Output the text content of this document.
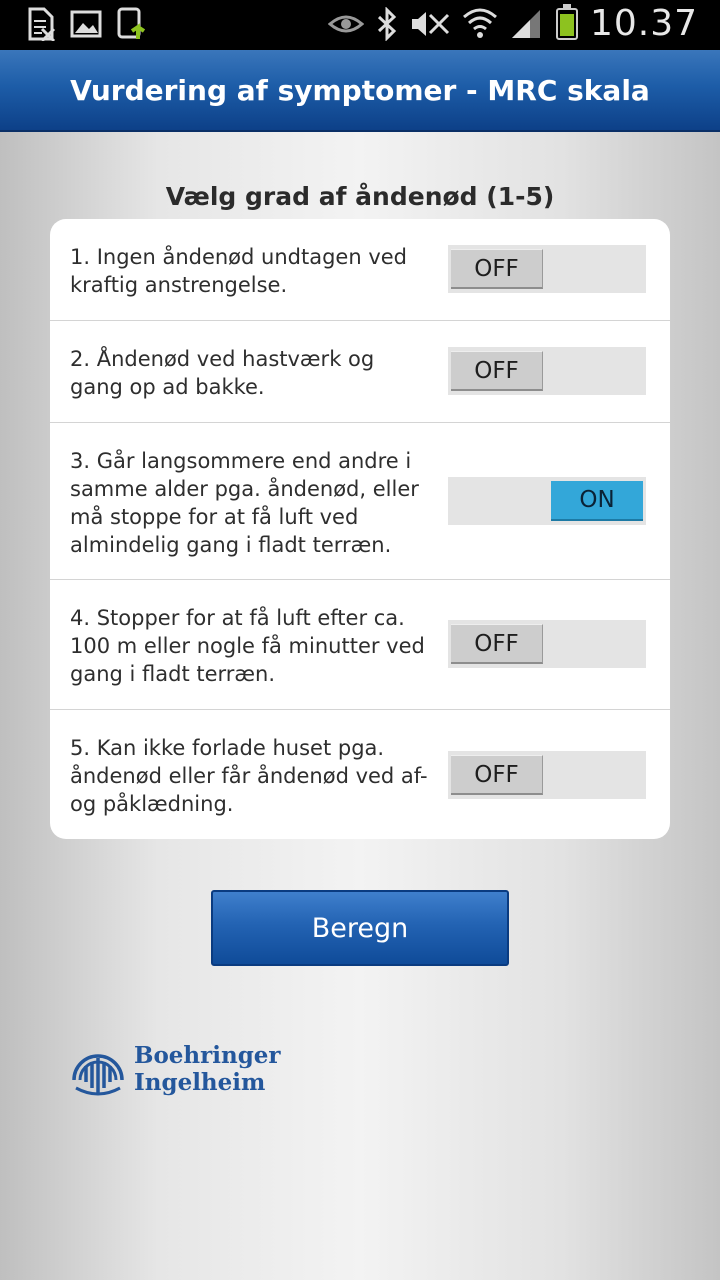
10.37
Vurdering af symptomer - MRC skala
Vælg grad af åndenød (1-5)
1. Ingen åndenød undtagen ved kraftig anstrengelse.
OFF
2. Åndenød ved hastværk og gang op ad bakke.
OFF
3. Går langsommere end andre i samme alder pga. åndenød, eller må stoppe for at få luft ved almindelig gang i fladt terræn.
ON
4. Stopper for at få luft efter ca. 100 m eller nogle få minutter ved gang i fladt terræn.
OFF
5. Kan ikke forlade huset pga. åndenød eller får åndenød ved af- og påklædning.
OFF
Beregn
Boehringer
Ingelheim
